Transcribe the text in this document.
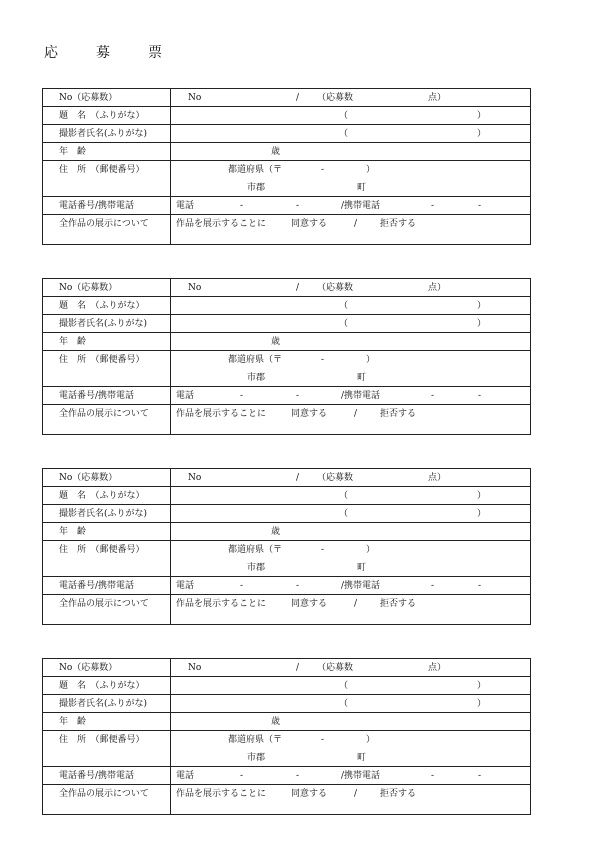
応　募　票
No（応募数）	No	/ （応募数	点）
題　名　（ふりがな）	（	）
撮影者氏名(ふりがな)	（	）
年　齢	歳
住　所　（郵便番号）	都道府県（〒	-	）
市郡	町
電話番号/携帯電話	電話	-	-	/携帯電話	-	-
全作品の展示について	作品を展示することに	同意する	/	拒否する
No（応募数）	No	/ （応募数	点）
題　名　（ふりがな）	（	）
撮影者氏名(ふりがな)	（	）
年　齢	歳
住　所　（郵便番号）	都道府県（〒	-	）
市郡	町
電話番号/携帯電話	電話	-	-	/携帯電話	-	-
全作品の展示について	作品を展示することに	同意する	/	拒否する
No（応募数）	No	/ （応募数	点）
題　名　（ふりがな）	（	）
撮影者氏名(ふりがな)	（	）
年　齢	歳
住　所　（郵便番号）	都道府県（〒	-	）
市郡	町
電話番号/携帯電話	電話	-	-	/携帯電話	-	-
全作品の展示について	作品を展示することに	同意する	/	拒否する
No（応募数）	No	/ （応募数	点）
題　名　（ふりがな）	（	）
撮影者氏名(ふりがな)	（	）
年　齢	歳
住　所　（郵便番号）	都道府県（〒	-	）
市郡	町
電話番号/携帯電話	電話	-	-	/携帯電話	-	-
全作品の展示について	作品を展示することに	同意する	/	拒否する
